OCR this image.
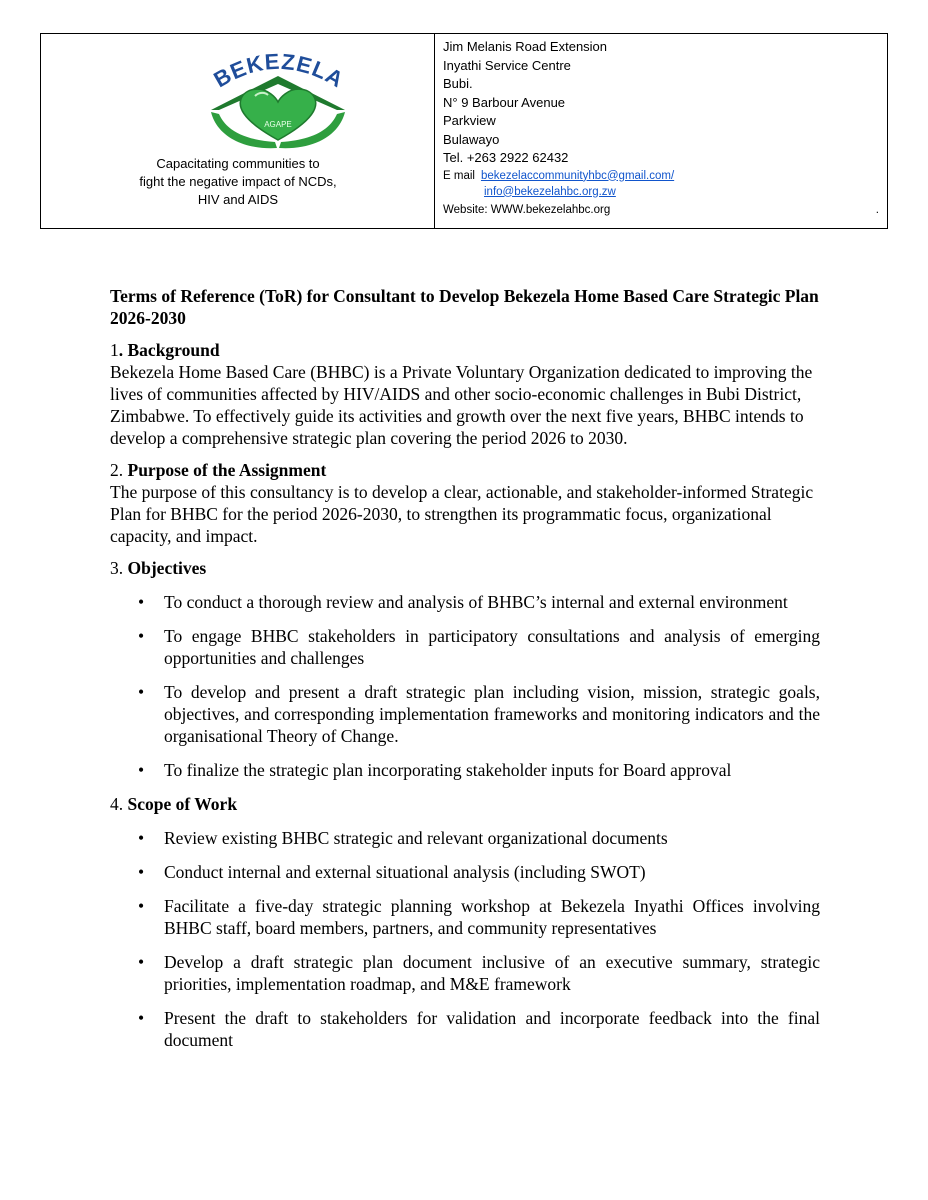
BEKEZELA
AGAPE
Capacitating communities to
fight the negative impact of NCDs,
HIV and AIDS
Jim Melanis Road Extension
Inyathi Service Centre
Bubi.
N° 9 Barbour Avenue
Parkview
Bulawayo
Tel. +263 2922 62432
E mail bekezelaccommunityhbc@gmail.com/
info@bekezelahbc.org.zw
Website: WWW.bekezelahbc.org	.

Terms of Reference (ToR) for Consultant to Develop Bekezela Home Based Care Strategic Plan 2026-2030

1. Background

Bekezela Home Based Care (BHBC) is a Private Voluntary Organization dedicated to improving the lives of communities affected by HIV/AIDS and other socio-economic challenges in Bubi District, Zimbabwe. To effectively guide its activities and growth over the next five years, BHBC intends to develop a comprehensive strategic plan covering the period 2026 to 2030.

2. Purpose of the Assignment

The purpose of this consultancy is to develop a clear, actionable, and stakeholder-informed Strategic Plan for BHBC for the period 2026-2030, to strengthen its programmatic focus, organizational capacity, and impact.

3. Objectives

• To conduct a thorough review and analysis of BHBC’s internal and external environment
• To engage BHBC stakeholders in participatory consultations and analysis of emerging opportunities and challenges
• To develop and present a draft strategic plan including vision, mission, strategic goals, objectives, and corresponding implementation frameworks and monitoring indicators and the organisational Theory of Change.
• To finalize the strategic plan incorporating stakeholder inputs for Board approval

4. Scope of Work

• Review existing BHBC strategic and relevant organizational documents
• Conduct internal and external situational analysis (including SWOT)
• Facilitate a five-day strategic planning workshop at Bekezela Inyathi Offices involving BHBC staff, board members, partners, and community representatives
• Develop a draft strategic plan document inclusive of an executive summary, strategic priorities, implementation roadmap, and M&E framework
• Present the draft to stakeholders for validation and incorporate feedback into the final document
